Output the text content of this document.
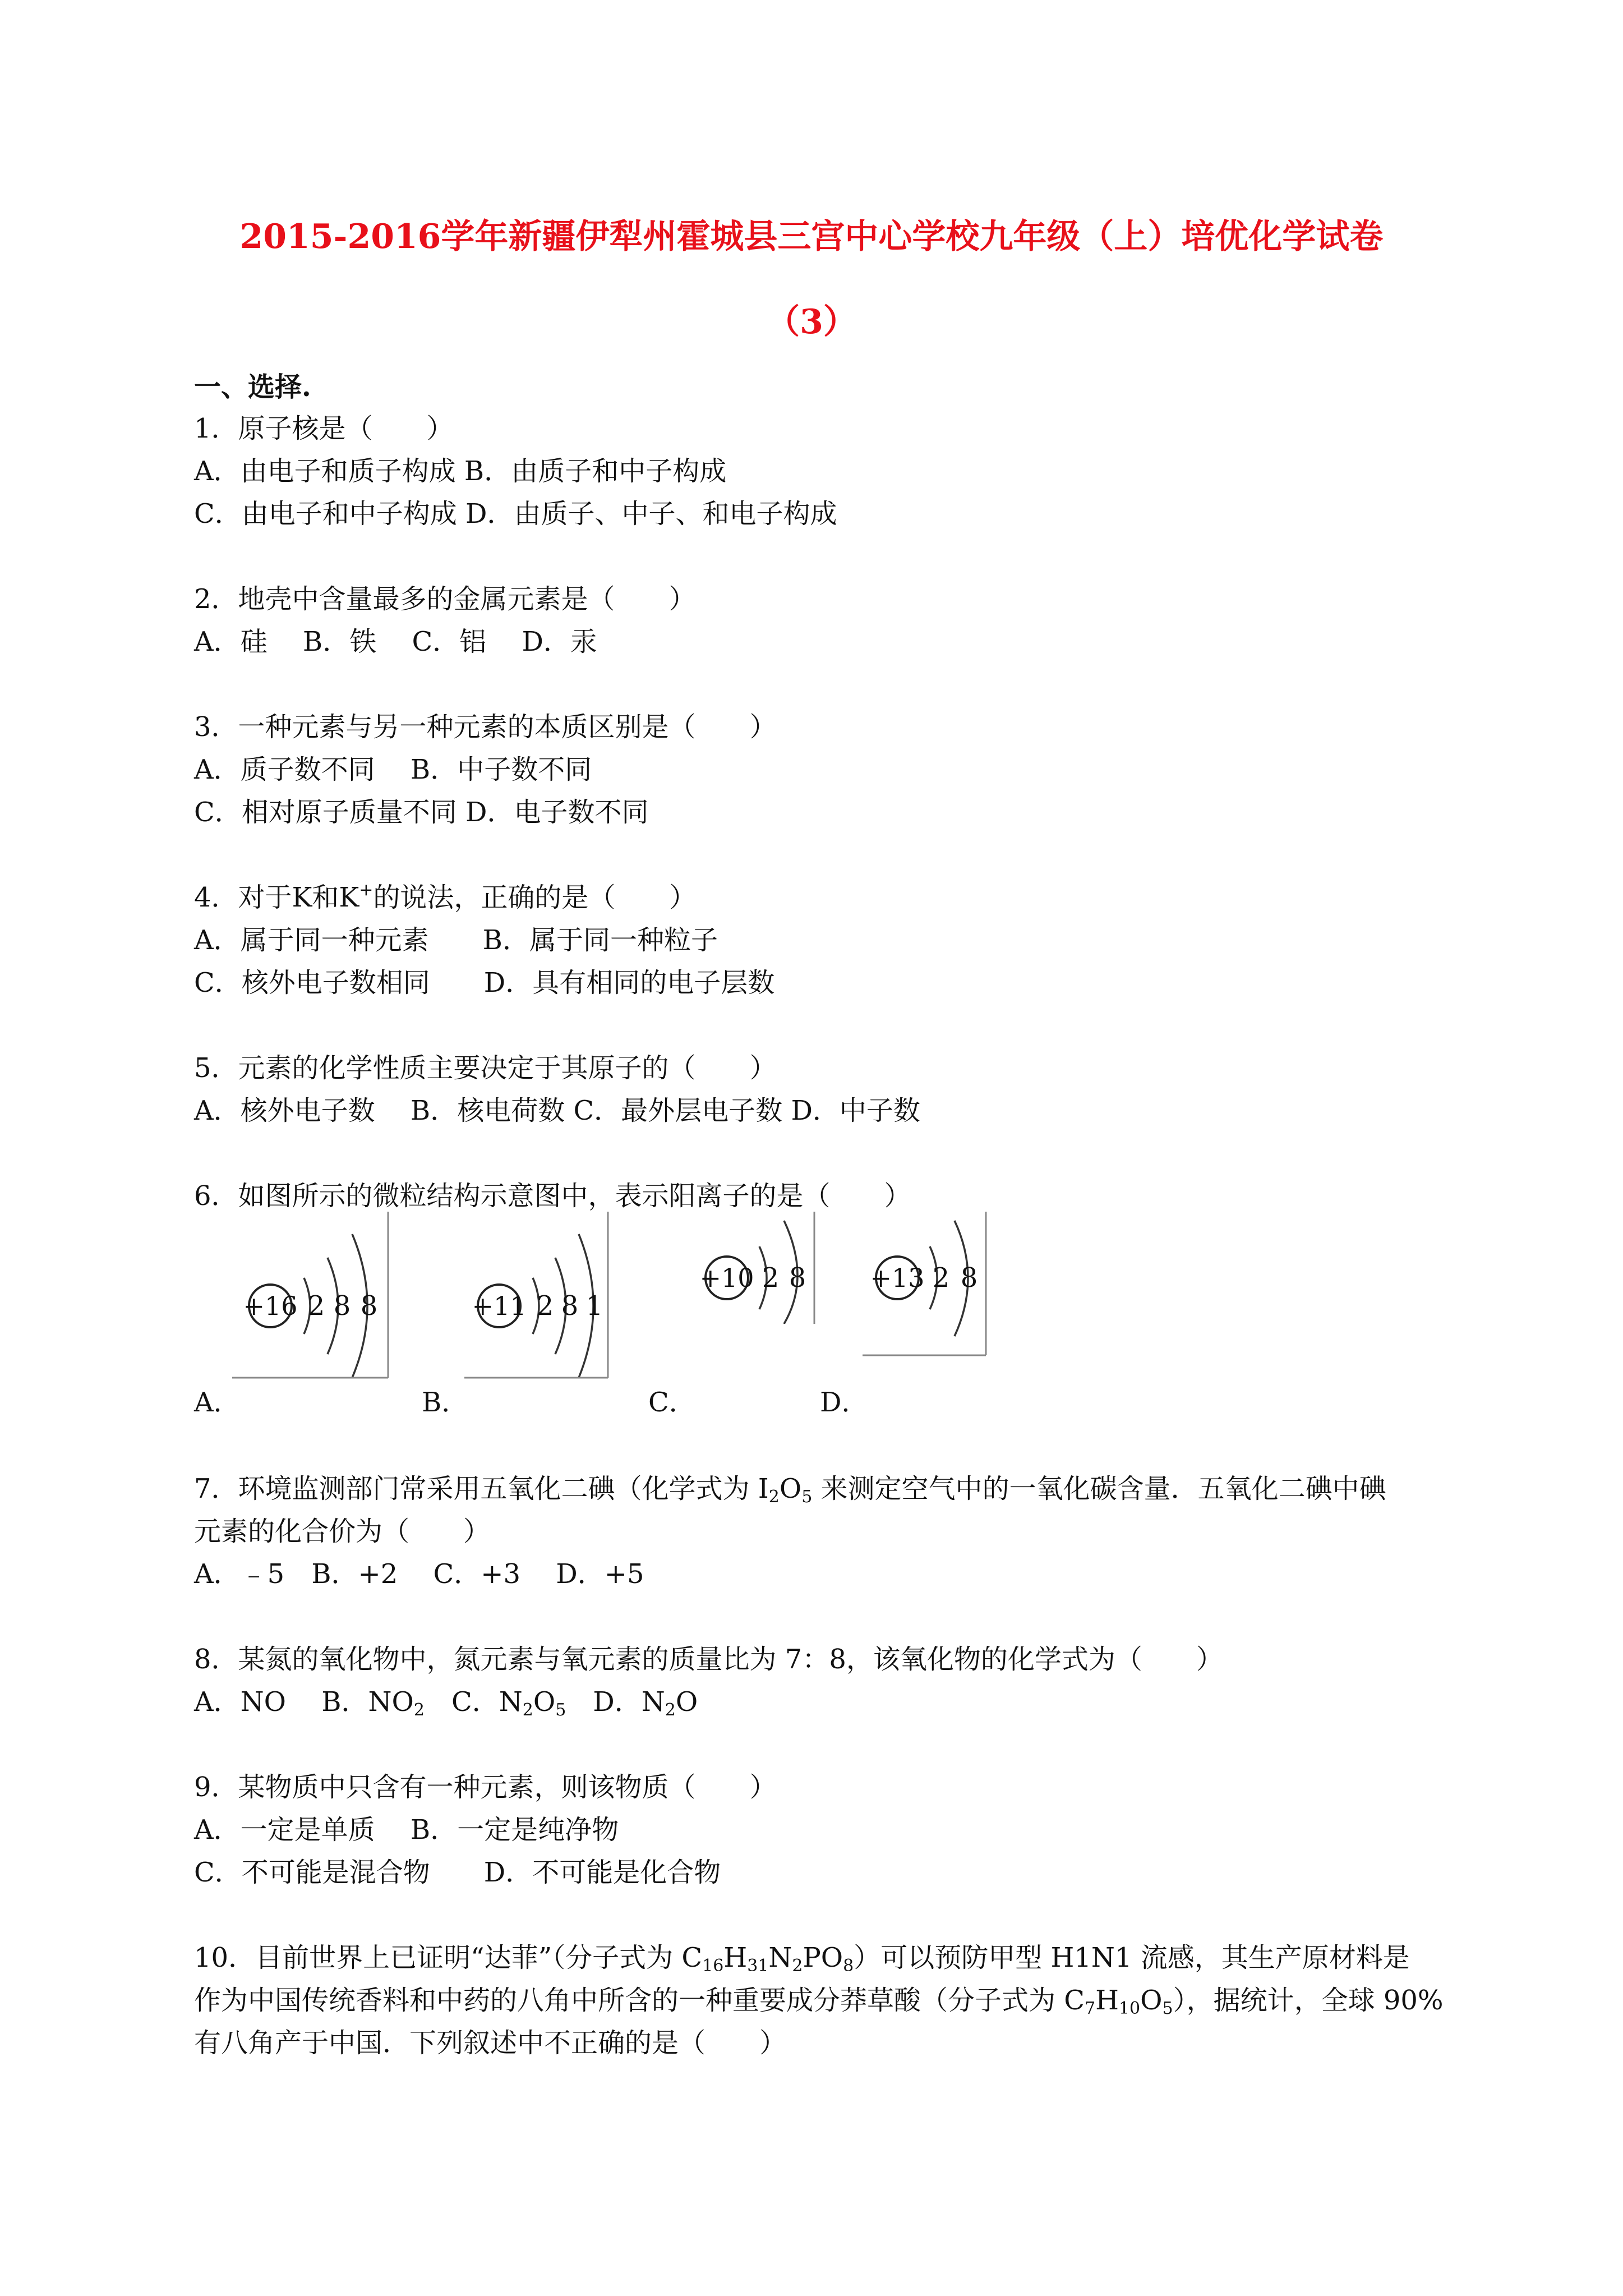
2015-2016学年新疆伊犁州霍城县三宫中心学校九年级（上）培优化学试卷
（3）
一、选择.
1．原子核是（　　）
A．由电子和质子构成 B．由质子和中子构成
C．由电子和中子构成 D．由质子、中子、和电子构成
2．地壳中含量最多的金属元素是（　　）
A．硅　 B．铁　 C．铝　 D．汞
3．一种元素与另一种元素的本质区别是（　　）
A．质子数不同　 B．中子数不同
C．相对原子质量不同 D．电子数不同
4．对于K和K+的说法，正确的是（　　）
A．属于同一种元素　　B．属于同一种粒子
C．核外电子数相同　　D．具有相同的电子层数
5．元素的化学性质主要决定于其原子的（　　）
A．核外电子数　 B．核电荷数 C．最外层电子数 D．中子数
6．如图所示的微粒结构示意图中，表示阳离子的是（　　）
+16 2 8 8
A．
+11 2 8 1
B．
+10 2 8
C．
+13 2 8
D．
7．环境监测部门常采用五氧化二碘（化学式为 $I_2O_5$ 来测定空气中的一氧化碳含量．五氧化二碘中碘
元素的化合价为（　　）
A．﹣5　B．+2　 C．+3　 D．+5
8．某氮的氧化物中，氮元素与氧元素的质量比为 7：8，该氧化物的化学式为（　　）
A．NO　 B．$NO_2$　C．$N_2O_5$　D．$N_2O$
9．某物质中只含有一种元素，则该物质（　　）
A．一定是单质　 B．一定是纯净物
C．不可能是混合物　　D．不可能是化合物
10．目前世界上已证明“达菲”（分子式为 $C_{16}H_{31}N_2PO_8$）可以预防甲型 H1N1 流感，其生产原材料是
作为中国传统香料和中药的八角中所含的一种重要成分莽草酸（分子式为 $C_7H_{10}O_5$），据统计，全球 90%
有八角产于中国．下列叙述中不正确的是（　　）
